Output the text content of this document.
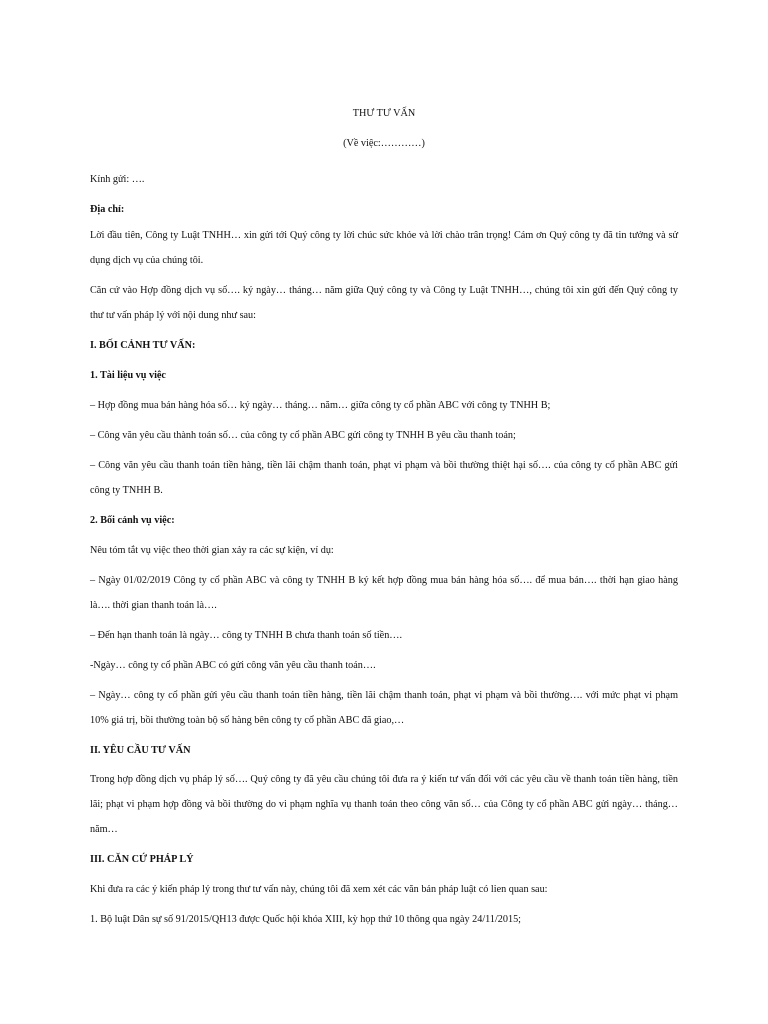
THƯ TƯ VẤN
(Về việc:…………)
Kính gửi: ….
Địa chỉ:
Lời đầu tiên, Công ty Luật TNHH… xin gửi tới Quý công ty lời chúc sức khỏe và lời chào trân trọng! Cám ơn Quý công ty đã tin tưởng và sử dụng dịch vụ của chúng tôi.
Căn cứ vào Hợp đồng dịch vụ số…. ký ngày… tháng… năm giữa Quý công ty và Công ty Luật TNHH…, chúng tôi xin gửi đến Quý công ty thư tư vấn pháp lý với nội dung như sau:
I. BỐI CẢNH TƯ VẤN:
1. Tài liệu vụ việc
– Hợp đồng mua bán hàng hóa số… ký ngày… tháng… năm… giữa công ty cổ phần ABC với công ty TNHH B;
– Công văn yêu cầu thành toán số… của công ty cổ phần ABC gửi công ty TNHH B yêu cầu thanh toán;
– Công văn yêu cầu thanh toán tiền hàng, tiền lãi chậm thanh toán, phạt vi phạm và bồi thường thiệt hại số…. của công ty cổ phần ABC gửi công ty TNHH B.
2. Bối cảnh vụ việc:
Nêu tóm tắt vụ việc theo thời gian xảy ra các sự kiện, ví dụ:
– Ngày 01/02/2019 Công ty cổ phần ABC và công ty TNHH B ký kết hợp đồng mua bán hàng hóa số…. để mua bán…. thời hạn giao hàng là…. thời gian thanh toán là….
– Đến hạn thanh toán là ngày… công ty TNHH B chưa thanh toán số tiền….
-Ngày… công ty cổ phần ABC có gửi công văn yêu cầu thanh toán….
– Ngày… công ty cổ phần gửi yêu cầu thanh toán tiền hàng, tiền lãi chậm thanh toán, phạt vi phạm và bồi thường…. với mức phạt vi phạm 10% giá trị, bồi thường toàn bộ số hàng bên công ty cổ phần ABC đã giao,…
II. YÊU CẦU TƯ VẤN
Trong hợp đồng dịch vụ pháp lý số…. Quý công ty đã yêu cầu chúng tôi đưa ra ý kiến tư vấn đối với các yêu cầu về thanh toán tiền hàng, tiền lãi; phạt vi phạm hợp đồng và bồi thường do vi phạm nghĩa vụ thanh toán theo công văn số… của Công ty cổ phần ABC gửi ngày… tháng… năm…
III. CĂN CỨ PHÁP LÝ
Khi đưa ra các ý kiến pháp lý trong thư tư vấn này, chúng tôi đã xem xét các văn bản pháp luật có lien quan sau:
1. Bộ luật Dân sự số 91/2015/QH13 được Quốc hội khóa XIII, kỳ họp thứ 10 thông qua ngày 24/11/2015;
